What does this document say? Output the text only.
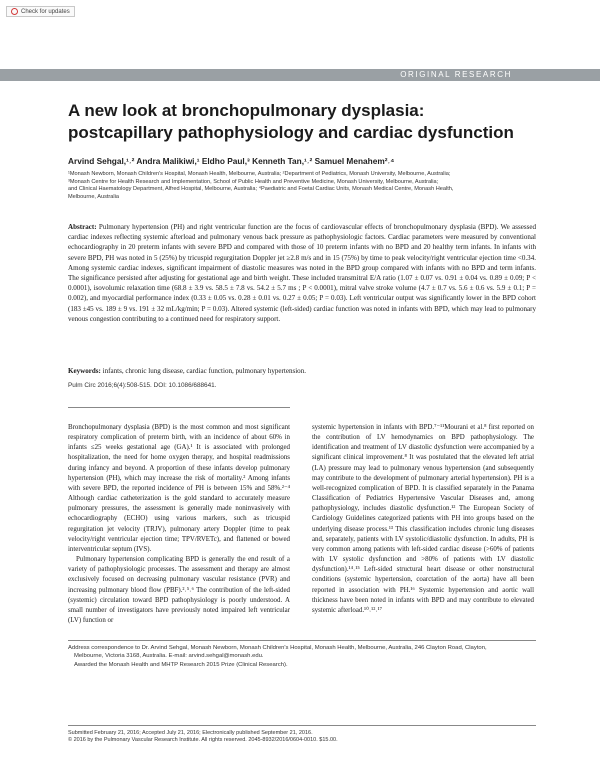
Check for updates
ORIGINAL RESEARCH
A new look at bronchopulmonary dysplasia:
postcapillary pathophysiology and cardiac dysfunction
Arvind Sehgal,¹˒² Andra Malikiwi,¹ Eldho Paul,³ Kenneth Tan,¹˒² Samuel Menahem²˒⁴
¹Monash Newborn, Monash Children's Hospital, Monash Health, Melbourne, Australia; ²Department of Pediatrics, Monash University, Melbourne, Australia;
³Monash Centre for Health Research and Implementation, School of Public Health and Preventive Medicine, Monash University, Melbourne, Australia;
and Clinical Haematology Department, Alfred Hospital, Melbourne, Australia; ⁴Paediatric and Foetal Cardiac Units, Monash Medical Centre, Monash Health,
Melbourne, Australia
Abstract: Pulmonary hypertension (PH) and right ventricular function are the focus of cardiovascular effects of bronchopulmonary dysplasia (BPD). We assessed cardiac indexes reflecting systemic afterload and pulmonary venous back pressure as pathophysiologic factors. Cardiac parameters were measured by conventional echocardiography in 20 preterm infants with severe BPD and compared with those of 10 preterm infants with no BPD and 20 healthy term infants. In infants with severe BPD, PH was noted in 5 (25%) by tricuspid regurgitation Doppler jet ≥2.8 m/s and in 15 (75%) by time to peak velocity/right ventricular ejection time <0.34. Among systemic cardiac indexes, significant impairment of diastolic measures was noted in the BPD group compared with infants with no BPD and term infants. The significance persisted after adjusting for gestational age and birth weight. These included transmitral E/A ratio (1.07 ± 0.07 vs. 0.91 ± 0.04 vs. 0.89 ± 0.09; P < 0.0001), isovolumic relaxation time (68.8 ± 3.9 vs. 58.5 ± 7.8 vs. 54.2 ± 5.7 ms ; P < 0.0001), mitral valve stroke volume (4.7 ± 0.7 vs. 5.6 ± 0.6 vs. 5.9 ± 0.1; P = 0.002), and myocardial performance index (0.33 ± 0.05 vs. 0.28 ± 0.01 vs. 0.27 ± 0.05; P = 0.03). Left ventricular output was significantly lower in the BPD cohort (183 ±45 vs. 189 ± 9 vs. 191 ± 32 mL/kg/min; P = 0.03). Altered systemic (left-sided) cardiac function was noted in infants with BPD, which may lead to pulmonary venous congestion contributing to a continued need for respiratory support.
Keywords: infants, chronic lung disease, cardiac function, pulmonary hypertension.
Pulm Circ 2016;6(4):508-515. DOI: 10.1086/688641.

Bronchopulmonary dysplasia (BPD) is the most common and most significant respiratory complication of preterm birth, with an incidence of about 60% in infants ≤25 weeks gestational age (GA).¹ It is associated with prolonged hospitalization, the need for home oxygen therapy, and hospital readmissions during infancy and beyond. A proportion of these infants develop pulmonary hypertension (PH), which may increase the risk of mortality.² Among infants with severe BPD, the reported incidence of PH is between 15% and 58%.²⁻⁴ Although cardiac catheterization is the gold standard to accurately measure pulmonary pressures, the assessment is generally made noninvasively with echocardiography (ECHO) using various markers, such as tricuspid regurgitation jet velocity (TRJV), pulmonary artery Doppler (time to peak velocity/right ventricular ejection time; TPV/RVETc), and flattened or bowed interventricular septum (IVS).

Pulmonary hypertension complicating BPD is generally the end result of a variety of pathophysiologic processes. The assessment and therapy are almost exclusively focused on decreasing pulmonary vascular resistance (PVR) and increasing pulmonary blood flow (PBF).²˒⁵˒⁶ The contribution of the left-sided (systemic) circulation toward BPD pathophysiology is poorly understood. A small number of investigators have previously noted impaired left ventricular (LV) function or

systemic hypertension in infants with BPD.⁷⁻¹¹Mourani et al.⁸ first reported on the contribution of LV hemodynamics on BPD pathophysiology. The identification and treatment of LV diastolic dysfunction were accompanied by a significant clinical improvement.⁸ It was postulated that the elevated left atrial (LA) pressure may lead to pulmonary venous hypertension (and subsequently may contribute to the development of pulmonary arterial hypertension). PH is a well-recognized complication of BPD. It is classified separately in the Panama Classification of Pediatrics Hypertensive Vascular Diseases and, among pathophysiology, includes diastolic dysfunction.¹² The European Society of Cardiology Guidelines categorized patients with PH into groups based on the underlying disease process.¹³ This classification includes chronic lung diseases and, separately, patients with LV systolic/diastolic dysfunction. In adults, PH is very common among patients with left-sided cardiac disease (>60% of patients with LV systolic dysfunction and >80% of patients with LV diastolic dysfunction).¹⁴˒¹⁵ Left-sided structural heart disease or other nonstructural conditions (systemic hypertension, coarctation of the aorta) have all been reported in association with PH.¹⁶ Systemic hypertension and aortic wall thickness have been noted in infants with BPD and may contribute to elevated systemic afterload.¹⁰˒¹²˒¹⁷

Address correspondence to Dr. Arvind Sehgal, Monash Newborn, Monash Children's Hospital, Monash Health, Melbourne, Australia, 246 Clayton Road, Clayton,
Melbourne, Victoria 3168, Australia. E-mail: arvind.sehgal@monash.edu.
Awarded the Monash Health and MHTP Research 2015 Prize (Clinical Research).
Submitted February 21, 2016; Accepted July 21, 2016; Electronically published September 21, 2016.
© 2016 by the Pulmonary Vascular Research Institute. All rights reserved. 2045-8932/2016/0604-0010. $15.00.
